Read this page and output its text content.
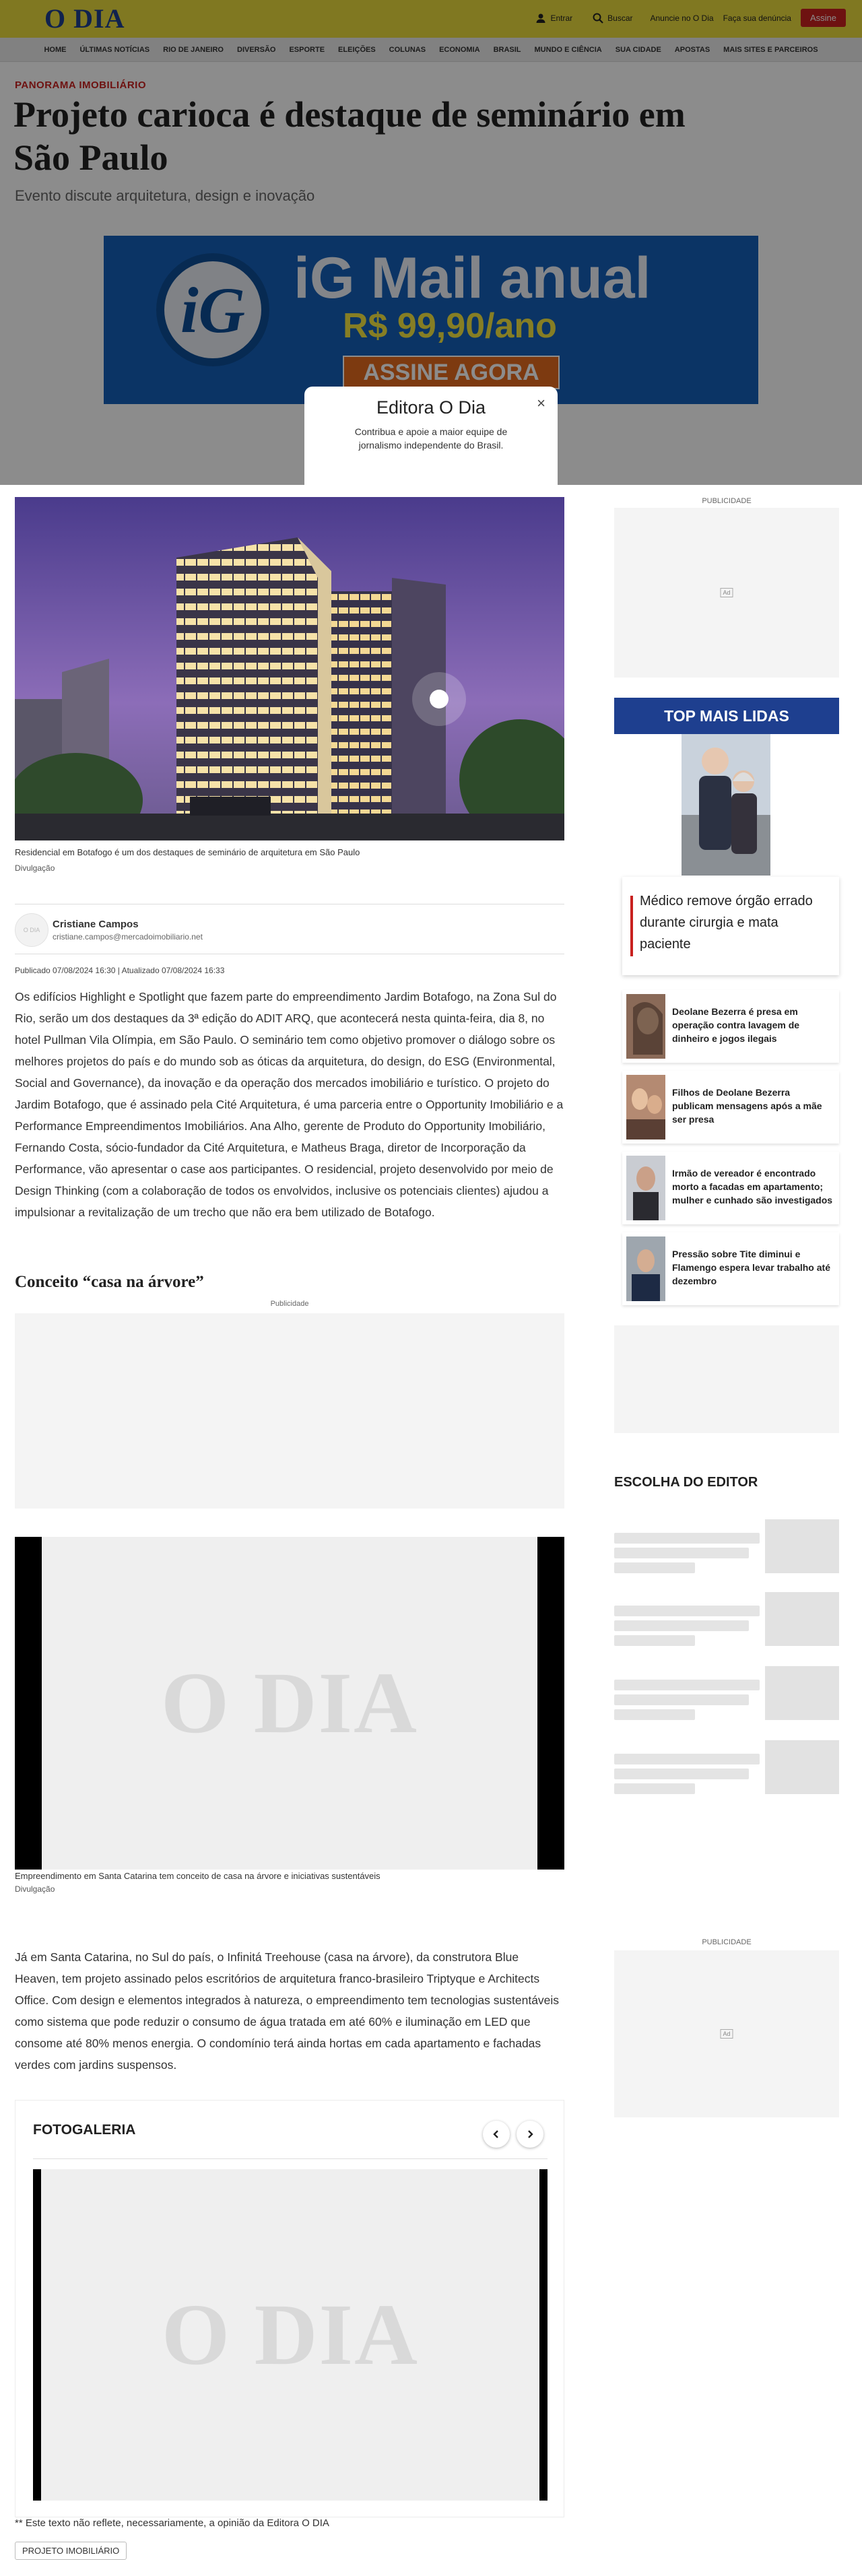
O DIA	Entrar	Buscar Anuncie no O Dia Faça sua denúncia	Assine
HOME ÚLTIMAS NOTÍCIAS RIO DE JANEIRO DIVERSÃO ESPORTE ELEIÇÕES COLUNAS ECONOMIA BRASIL MUNDO E CIÊNCIA SUA CIDADE APOSTAS MAIS SITES E PARCEIROS
PANORAMA IMOBILIÁRIO
Projeto carioca é destaque de seminário em São Paulo
Evento discute arquitetura, design e inovação
iG iG Mail anual
R$ 99,90/ano
ASSINE AGORA
×
Editora O Dia
Contribua e apoie a maior equipe de jornalismo independente do Brasil.
Residencial em Botafogo é um dos destaques de seminário de arquitetura em São Paulo
Divulgação
O DIA	Cristiane Campos
cristiane.campos@mercadoimobiliario.net
Publicado 07/08/2024 16:30 | Atualizado 07/08/2024 16:33

Os edifícios Highlight e Spotlight que fazem parte do empreendimento Jardim Botafogo, na Zona Sul do Rio, serão um dos destaques da 3ª edição do ADIT ARQ, que acontecerá nesta quinta-feira, dia 8, no hotel Pullman Vila Olímpia, em São Paulo. O seminário tem como objetivo promover o diálogo sobre os melhores projetos do país e do mundo sob as óticas da arquitetura, do design, do ESG (Environmental, Social and Governance), da inovação e da operação dos mercados imobiliário e turístico. O projeto do Jardim Botafogo, que é assinado pela Cité Arquitetura, é uma parceria entre o Opportunity Imobiliário e a Performance Empreendimentos Imobiliários. Ana Alho, gerente de Produto do Opportunity Imobiliário, Fernando Costa, sócio-fundador da Cité Arquitetura, e Matheus Braga, diretor de Incorporação da Performance, vão apresentar o case aos participantes. O residencial, projeto desenvolvido por meio de Design Thinking (com a colaboração de todos os envolvidos, inclusive os potenciais clientes) ajudou a impulsionar a revitalização de um trecho que não era bem utilizado de Botafogo.

Conceito “casa na árvore”
Publicidade
O DIA
Empreendimento em Santa Catarina tem conceito de casa na árvore e iniciativas sustentáveis
Divulgação

Já em Santa Catarina, no Sul do país, o Infinitá Treehouse (casa na árvore), da construtora Blue Heaven, tem projeto assinado pelos escritórios de arquitetura franco-brasileiro Triptyque e Architects Office. Com design e elementos integrados à natureza, o empreendimento tem tecnologias sustentáveis como sistema que pode reduzir o consumo de água tratada em até 60% e iluminação em LED que consome até 80% menos energia. O condomínio terá ainda hortas em cada apartamento e fachadas verdes com jardins suspensos.

FOTOGALERIA
O DIA
** Este texto não reflete, necessariamente, a opinião da Editora O DIA
PROJETO IMOBILIÁRIO
PUBLICIDADE
Ad
TOP MAIS LIDAS
Médico remove órgão errado durante cirurgia e mata paciente
Deolane Bezerra é presa em operação contra lavagem de dinheiro e jogos ilegais
Filhos de Deolane Bezerra publicam mensagens após a mãe ser presa
Irmão de vereador é encontrado morto a facadas em apartamento; mulher e cunhado são investigados
Pressão sobre Tite diminui e Flamengo espera levar trabalho até dezembro
ESCOLHA DO EDITOR
PUBLICIDADE
Ad
